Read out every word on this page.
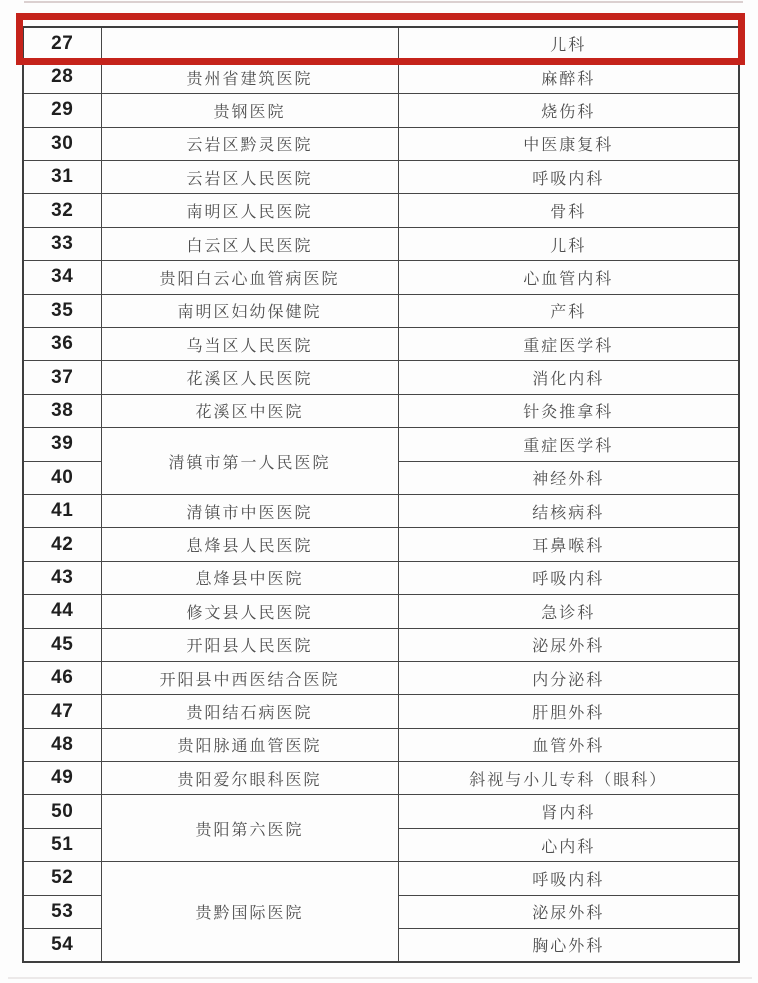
27		儿科
28	贵州省建筑医院	麻醉科
29	贵钢医院	烧伤科
30	云岩区黔灵医院	中医康复科
31	云岩区人民医院	呼吸内科
32	南明区人民医院	骨科
33	白云区人民医院	儿科
34	贵阳白云心血管病医院	心血管内科
35	南明区妇幼保健院	产科
36	乌当区人民医院	重症医学科
37	花溪区人民医院	消化内科
38	花溪区中医院	针灸推拿科
39	清镇市第一人民医院	重症医学科
40		神经外科
41	清镇市中医医院	结核病科
42	息烽县人民医院	耳鼻喉科
43	息烽县中医院	呼吸内科
44	修文县人民医院	急诊科
45	开阳县人民医院	泌尿外科
46	开阳县中西医结合医院	内分泌科
47	贵阳结石病医院	肝胆外科
48	贵阳脉通血管医院	血管外科
49	贵阳爱尔眼科医院	斜视与小儿专科（眼科）
50	贵阳第六医院	肾内科
51		心内科
52	贵黔国际医院	呼吸内科
53		泌尿外科
54		胸心外科
